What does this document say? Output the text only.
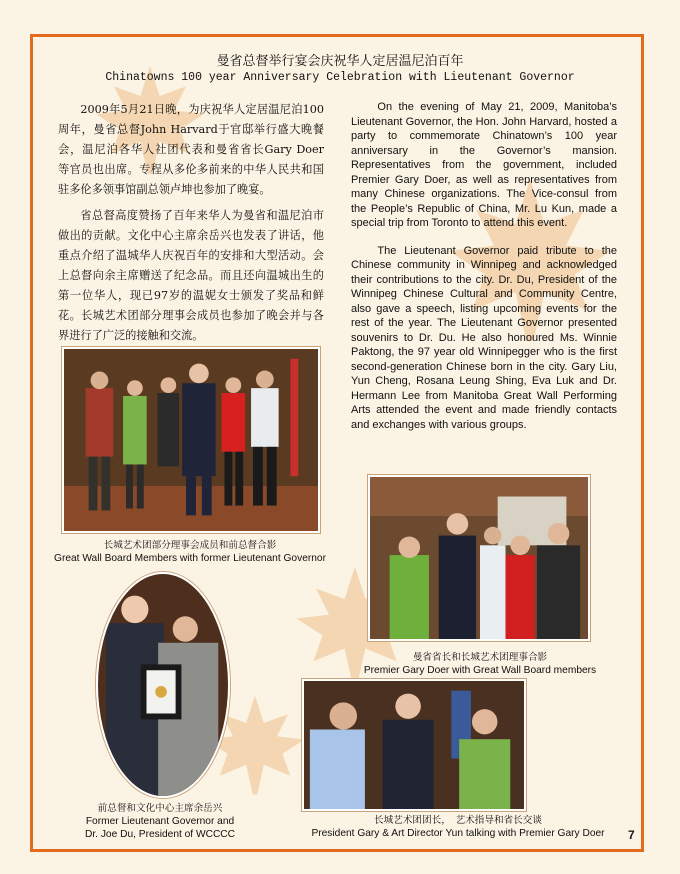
曼省总督举行宴会庆祝华人定居温尼泊百年
Chinatowns 100 year Anniversary Celebration with Lieutenant Governor

2009年5月21日晚，为庆祝华人定居温尼泊100周年，曼省总督John Harvard于官邸举行盛大晚餐会，温尼泊各华人社团代表和曼省省长Gary Doer　等官员也出席。专程从多伦多前来的中华人民共和国驻多伦多领事馆副总领卢坤也参加了晚宴。

省总督高度赞扬了百年来华人为曼省和温尼泊市做出的贡献。文化中心主席余岳兴也发表了讲话，他重点介绍了温城华人庆祝百年的安排和大型活动。会上总督向余主席赠送了纪念品。而且还向温城出生的第一位华人，现已97岁的温妮女士颁发了奖品和鲜花。长城艺术团部分理事会成员也参加了晚会并与各界进行了广泛的接触和交流。

On the evening of May 21, 2009, Manitoba’s Lieutenant Governor, the Hon. John Harvard, hosted a party to commemorate Chinatown’s 100 year anniversary in the Governor’s mansion. Representatives from the government, included Premier Gary Doer, as well as representatives from many Chinese organizations. The Vice-consul from the People’s Republic of China, Mr. Lu Kun, made a special trip from Toronto to attend this event.

The Lieutenant Governor paid tribute to the Chinese community in Winnipeg and acknowledged their contributions to the city. Dr. Du, President of the Winnipeg Chinese Cultural and Community Centre, also gave a speech, listing upcoming events for the rest of the year. The Lieutenant Governor presented souvenirs to Dr. Du. He also honoured Ms. Winnie Paktong, the 97 year old Winnipegger who is the first second-generation Chinese born in the city. Gary Liu, Yun Cheng, Rosana Leung Shing, Eva Luk and Dr. Hermann Lee from Manitoba Great Wall Performing Arts attended the event and made friendly contacts and exchanges with various groups.

长城艺术团部分理事会成员和前总督合影
Great Wall Board Members with former Lieutenant Governor
曼省省长和长城艺术团理事合影
Premier Gary Doer with Great Wall Board members
前总督和文化中心主席余岳兴
Former Lieutenant Governor and
Dr. Joe Du, President of WCCCC
长城艺术团团长，　艺术指导和省长交谈
President Gary & Art Director Yun talking with Premier Gary Doer	7
